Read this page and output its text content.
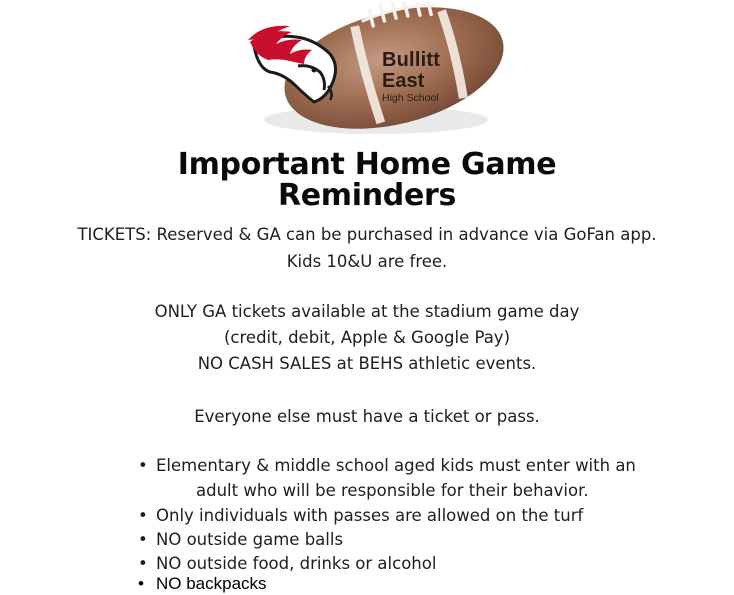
Bullitt
East
High School
Important Home Game
Reminders
TICKETS: Reserved & GA can be purchased in advance via GoFan app.
Kids 10&U are free.
ONLY GA tickets available at the stadium game day
(credit, debit, Apple & Google Pay)
NO CASH SALES at BEHS athletic events.
Everyone else must have a ticket or pass.
• Elementary & middle school aged kids must enter with an
adult who will be responsible for their behavior.
• Only individuals with passes are allowed on the turf
• NO outside game balls
• NO outside food, drinks or alcohol
• NO backpacks
